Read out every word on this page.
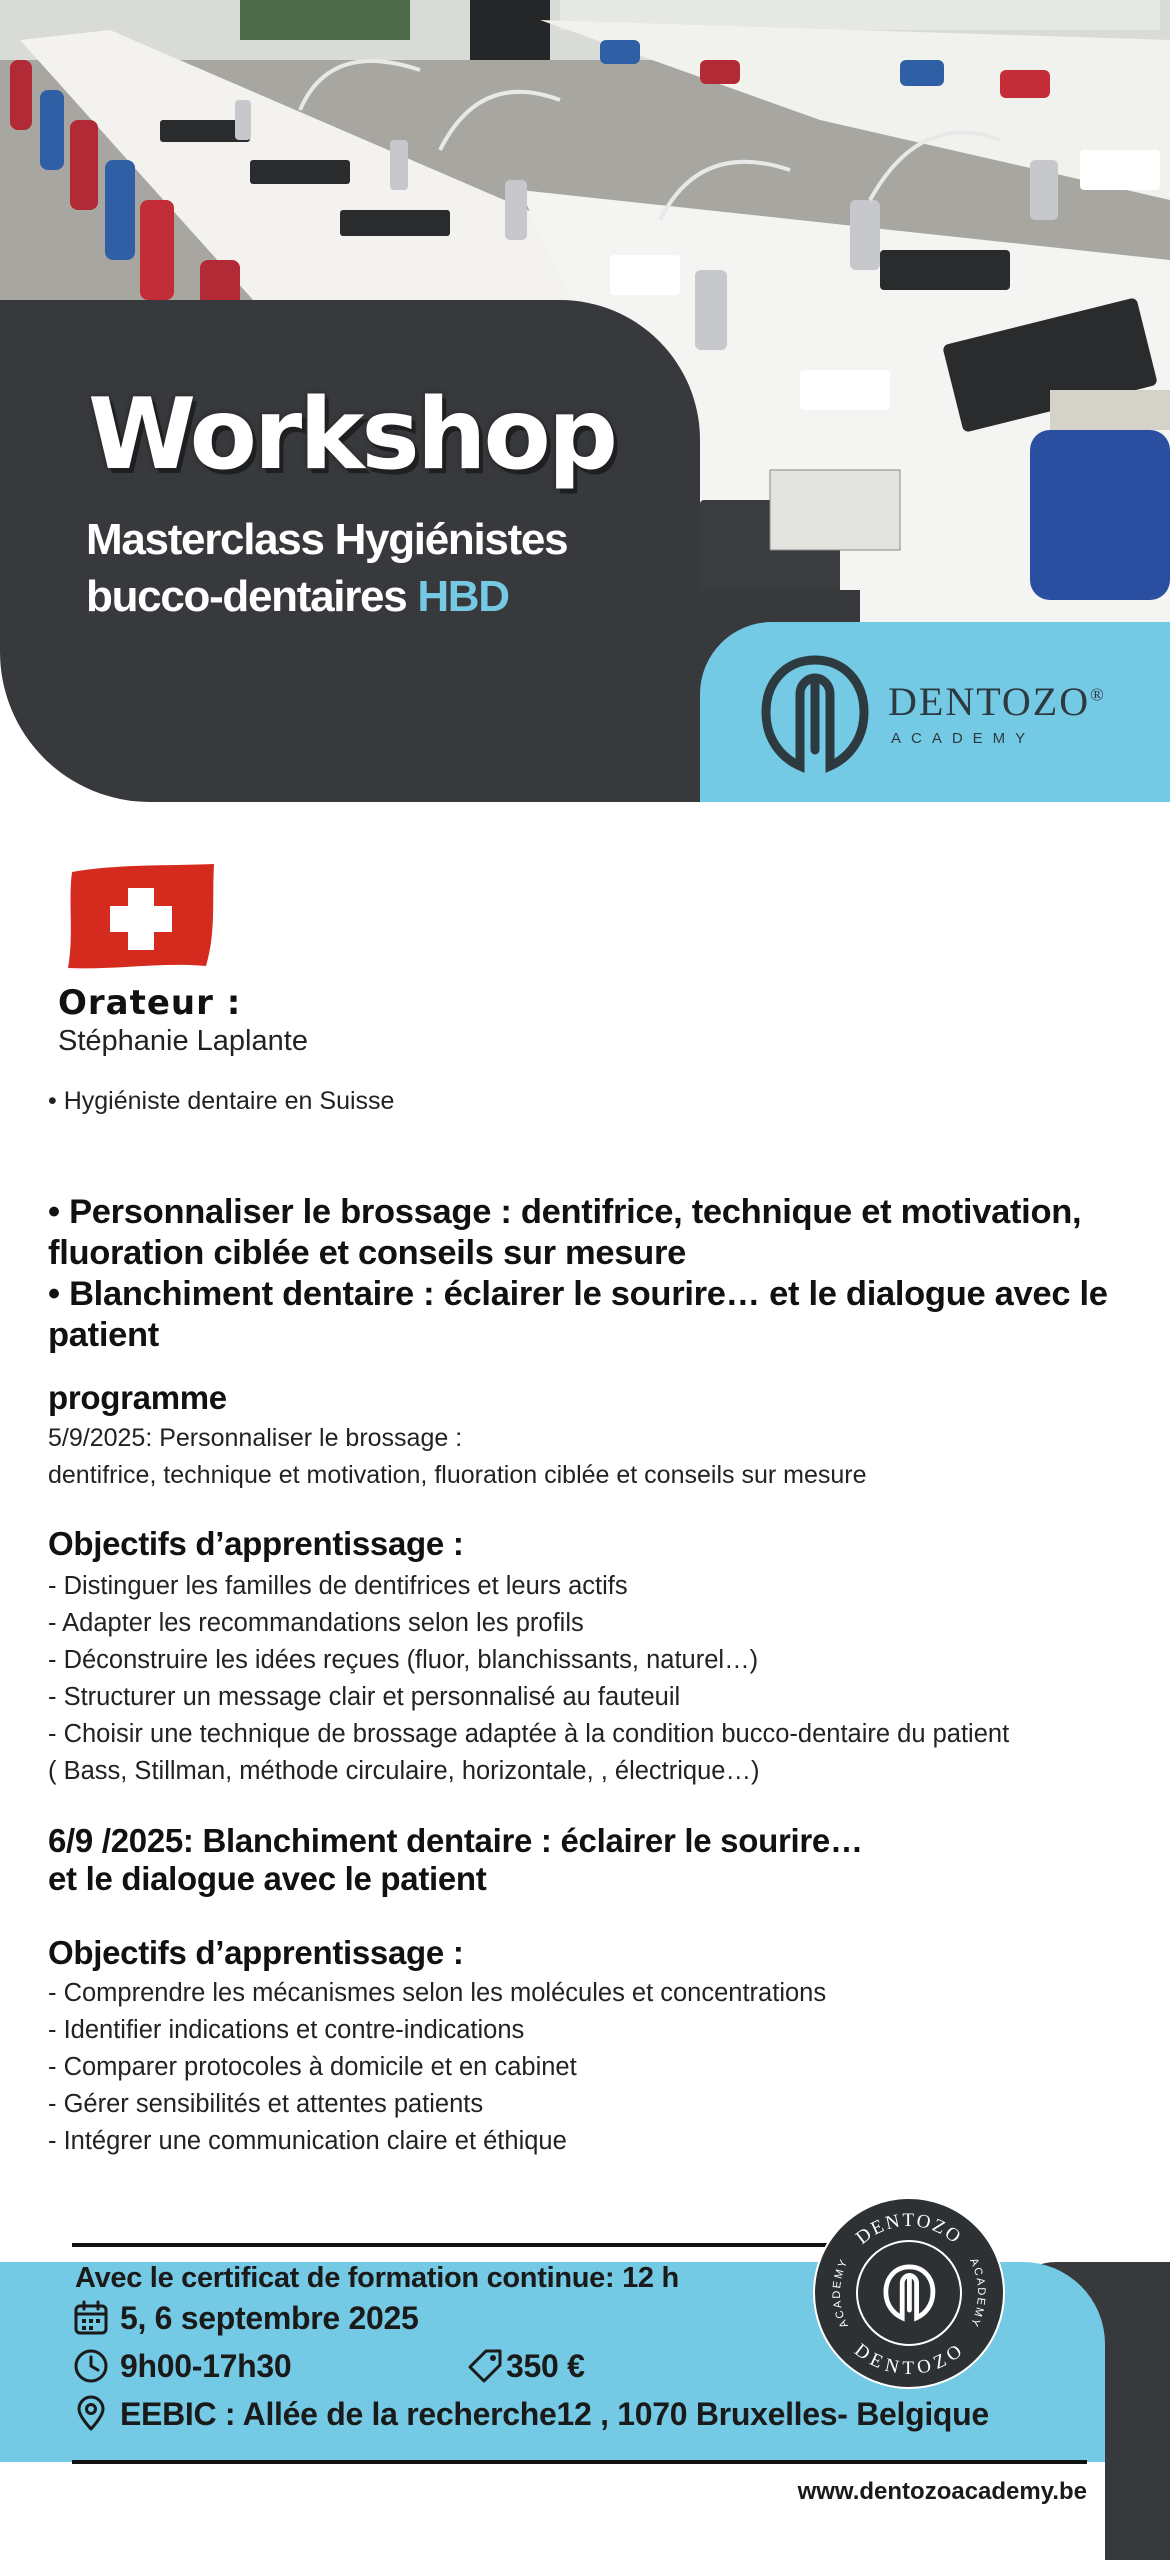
Workshop
Masterclass Hygiénistes
bucco-dentaires HBD
DENTOZO®
ACADEMY
Orateur :
Stéphanie Laplante
• Hygiéniste dentaire en Suisse
• Personnaliser le brossage : dentifrice, technique et motivation, fluoration ciblée et conseils sur mesure
• Blanchiment dentaire : éclairer le sourire… et le dialogue avec le patient
programme
5/9/2025: Personnaliser le brossage :
dentifrice, technique et motivation, fluoration ciblée et conseils sur mesure
Objectifs d’apprentissage :
- Distinguer les familles de dentifrices et leurs actifs
- Adapter les recommandations selon les profils
- Déconstruire les idées reçues (fluor, blanchissants, naturel…)
- Structurer un message clair et personnalisé au fauteuil
- Choisir une technique de brossage adaptée à la condition bucco-dentaire du patient
( Bass, Stillman, méthode circulaire, horizontale, , électrique…)
6/9 /2025: Blanchiment dentaire : éclairer le sourire…
et le dialogue avec le patient
Objectifs d’apprentissage :
- Comprendre les mécanismes selon les molécules et concentrations
- Identifier indications et contre-indications
- Comparer protocoles à domicile et en cabinet
- Gérer sensibilités et attentes patients
- Intégrer une communication claire et éthique
Avec le certificat de formation continue: 12 h
5, 6 septembre 2025
9h00-17h30	350 €
EEBIC : Allée de la recherche12 , 1070 Bruxelles- Belgique
DENTOZO
DENTOZO
ACADEMY	ACADEMY
www.dentozoacademy.be
